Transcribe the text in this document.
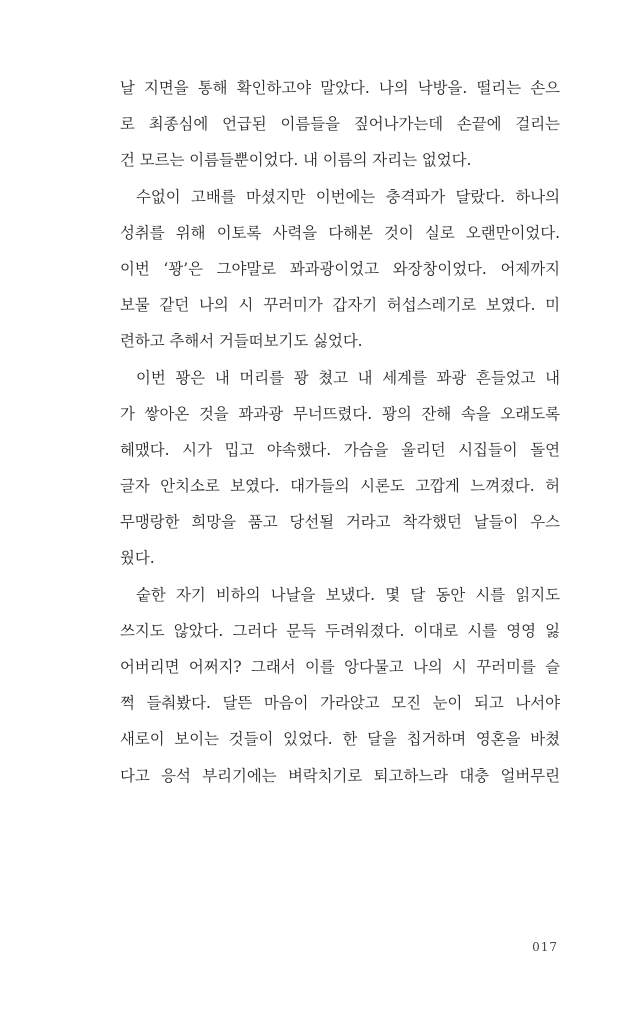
날 지면을 통해 확인하고야 말았다. 나의 낙방을. 떨리는 손으
로 최종심에 언급된 이름들을 짚어나가는데 손끝에 걸리는
건 모르는 이름들뿐이었다. 내 이름의 자리는 없었다.
수없이 고배를 마셨지만 이번에는 충격파가 달랐다. 하나의
성취를 위해 이토록 사력을 다해본 것이 실로 오랜만이었다.
이번 ‘꽝’은 그야말로 꽈과광이었고 와장창이었다. 어제까지
보물 같던 나의 시 꾸러미가 갑자기 허섭스레기로 보였다. 미
련하고 추해서 거들떠보기도 싫었다.
이번 꽝은 내 머리를 꽝 쳤고 내 세계를 꽈광 흔들었고 내
가 쌓아온 것을 꽈과광 무너뜨렸다. 꽝의 잔해 속을 오래도록
헤맸다. 시가 밉고 야속했다. 가슴을 울리던 시집들이 돌연
글자 안치소로 보였다. 대가들의 시론도 고깝게 느껴졌다. 허
무맹랑한 희망을 품고 당선될 거라고 착각했던 날들이 우스
웠다.
숱한 자기 비하의 나날을 보냈다. 몇 달 동안 시를 읽지도
쓰지도 않았다. 그러다 문득 두려워졌다. 이대로 시를 영영 잃
어버리면 어쩌지? 그래서 이를 앙다물고 나의 시 꾸러미를 슬
쩍 들춰봤다. 달뜬 마음이 가라앉고 모진 눈이 되고 나서야
새로이 보이는 것들이 있었다. 한 달을 칩거하며 영혼을 바쳤
다고 응석 부리기에는 벼락치기로 퇴고하느라 대충 얼버무린
017
